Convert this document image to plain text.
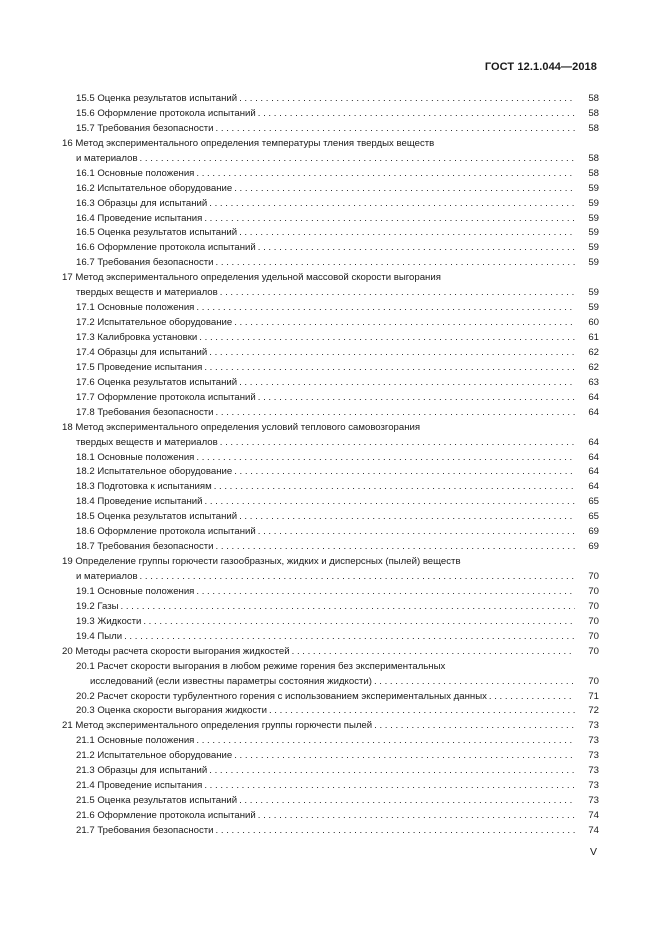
ГОСТ 12.1.044—2018
15.5 Оценка результатов испытаний . . .	58
15.6 Оформление протокола испытаний . . .	58
15.7 Требования безопасности . . .	58
16 Метод экспериментального определения температуры тления твердых веществ
и материалов . . .	58
16.1 Основные положения . . .	58
16.2 Испытательное оборудование . . .	59
16.3 Образцы для испытаний . . .	59
16.4 Проведение испытания . . .	59
16.5 Оценка результатов испытаний . . .	59
16.6 Оформление протокола испытаний . . .	59
16.7 Требования безопасности . . .	59
17 Метод экспериментального определения удельной массовой скорости выгорания
твердых веществ и материалов . . .	59
17.1 Основные положения . . .	59
17.2 Испытательное оборудование . . .	60
17.3 Калибровка установки . . .	61
17.4 Образцы для испытаний . . .	62
17.5 Проведение испытания . . .	62
17.6 Оценка результатов испытаний . . .	63
17.7 Оформление протокола испытаний . . .	64
17.8 Требования безопасности . . .	64
18 Метод экспериментального определения условий теплового самовозгорания
твердых веществ и материалов . . .	64
18.1 Основные положения . . .	64
18.2 Испытательное оборудование . . .	64
18.3 Подготовка к испытаниям . . .	64
18.4 Проведение испытаний . . .	65
18.5 Оценка результатов испытаний . . .	65
18.6 Оформление протокола испытаний . . .	69
18.7 Требования безопасности . . .	69
19 Определение группы горючести газообразных, жидких и дисперсных (пылей) веществ
и материалов . . .	70
19.1 Основные положения . . .	70
19.2 Газы . . .	70
19.3 Жидкости . . .	70
19.4 Пыли . . .	70
20 Методы расчета скорости выгорания жидкостей . . .	70
20.1 Расчет скорости выгорания в любом режиме горения без экспериментальных
исследований (если известны параметры состояния жидкости) . . .	70
20.2 Расчет скорости турбулентного горения с использованием экспериментальных данных . . .	71
20.3 Оценка скорости выгорания жидкости . . .	72
21 Метод экспериментального определения группы горючести пылей . . .	73
21.1 Основные положения . . .	73
21.2 Испытательное оборудование . . .	73
21.3 Образцы для испытаний . . .	73
21.4 Проведение испытания . . .	73
21.5 Оценка результатов испытаний . . .	73
21.6 Оформление протокола испытаний . . .	74
21.7 Требования безопасности . . .	74
V
